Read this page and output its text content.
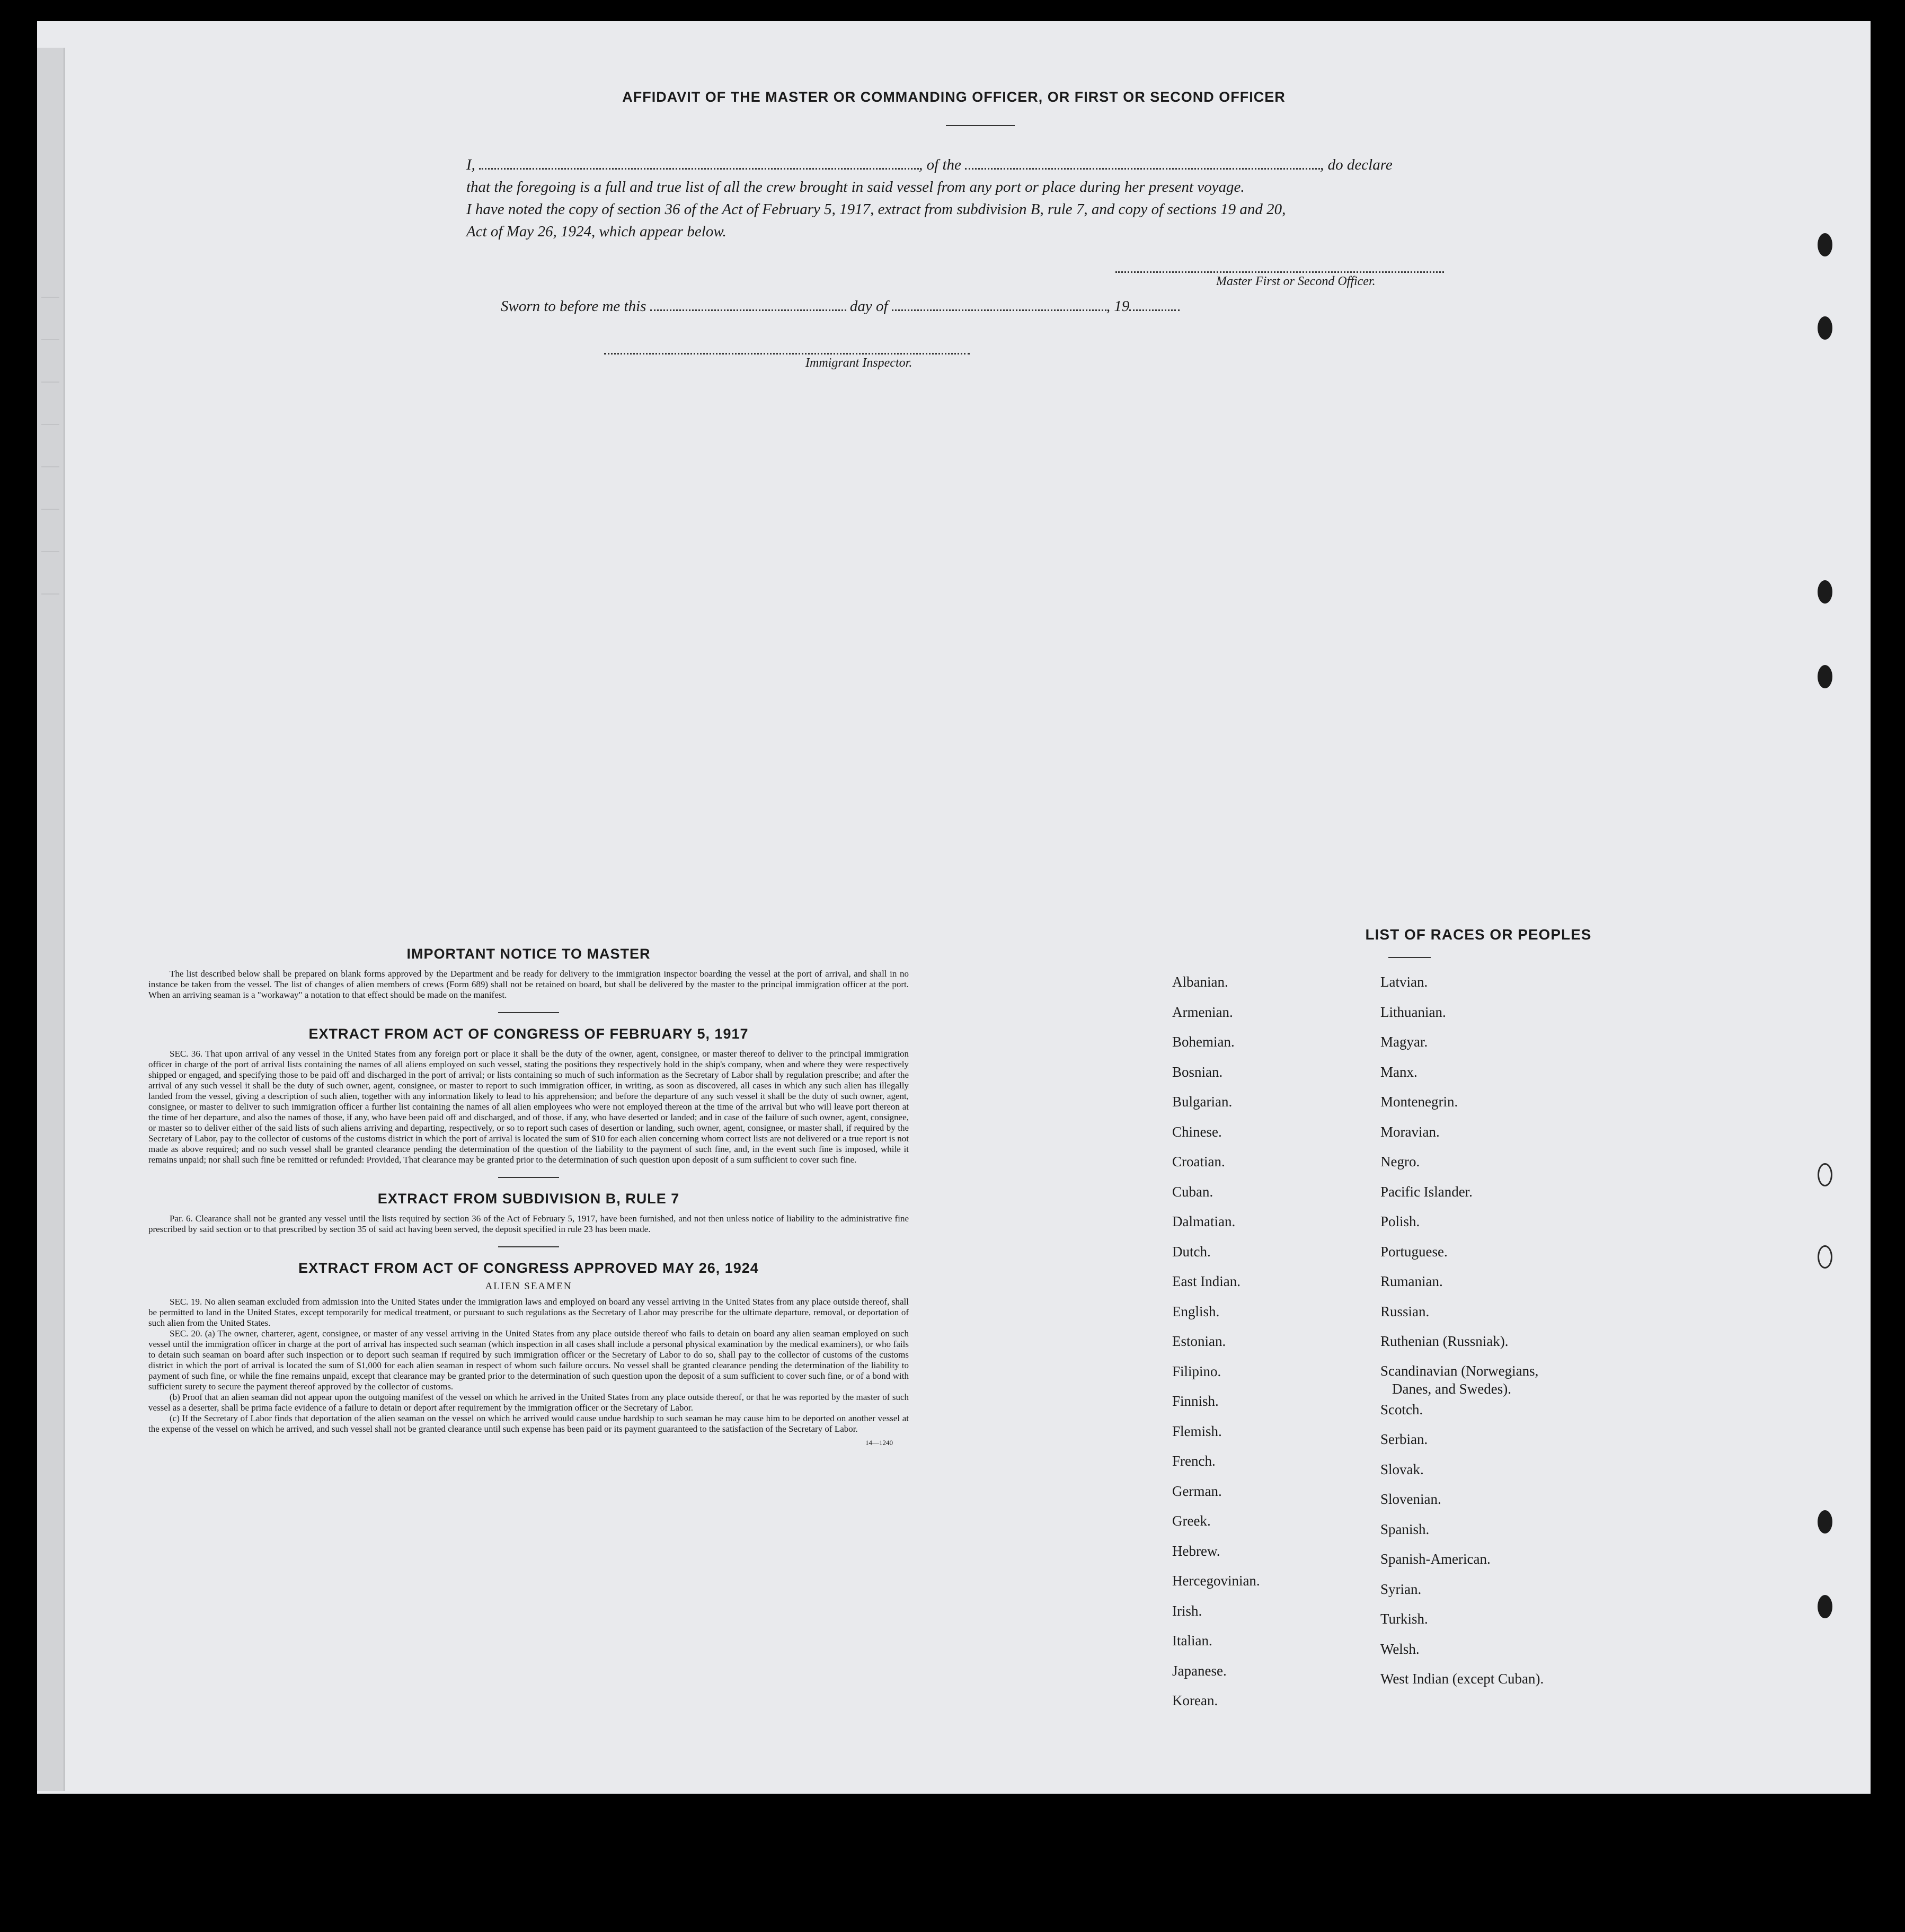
AFFIDAVIT OF THE MASTER OR COMMANDING OFFICER, OR FIRST OR SECOND OFFICER
I,	, of the	, do declare
that the foregoing is a full and true list of all the crew brought in said vessel from any port or place during her present voyage.
I have noted the copy of section 36 of the Act of February 5, 1917, extract from subdivision B, rule 7, and copy of sections 19 and 20,
Act of May 26, 1924, which appear below.
Master First or Second Officer.
Sworn to before me this	day of	, 19
Immigrant Inspector.
IMPORTANT NOTICE TO MASTER

The list described below shall be prepared on blank forms approved by the Department and be ready for delivery to the immigration inspector boarding the vessel at the port of arrival, and shall in no instance be taken from the vessel. The list of changes of alien members of crews (Form 689) shall not be retained on board, but shall be delivered by the master to the principal immigration officer at the port. When an arriving seaman is a "workaway" a notation to that effect should be made on the manifest.

EXTRACT FROM ACT OF CONGRESS OF FEBRUARY 5, 1917

SEC. 36. That upon arrival of any vessel in the United States from any foreign port or place it shall be the duty of the owner, agent, consignee, or master thereof to deliver to the principal immigration officer in charge of the port of arrival lists containing the names of all aliens employed on such vessel, stating the positions they respectively hold in the ship's company, when and where they were respectively shipped or engaged, and specifying those to be paid off and discharged in the port of arrival; or lists containing so much of such information as the Secretary of Labor shall by regulation prescribe; and after the arrival of any such vessel it shall be the duty of such owner, agent, consignee, or master to report to such immigration officer, in writing, as soon as discovered, all cases in which any such alien has illegally landed from the vessel, giving a description of such alien, together with any information likely to lead to his apprehension; and before the departure of any such vessel it shall be the duty of such owner, agent, consignee, or master to deliver to such immigration officer a further list containing the names of all alien employees who were not employed thereon at the time of the arrival but who will leave port thereon at the time of her departure, and also the names of those, if any, who have been paid off and discharged, and of those, if any, who have deserted or landed; and in case of the failure of such owner, agent, consignee, or master so to deliver either of the said lists of such aliens arriving and departing, respectively, or so to report such cases of desertion or landing, such owner, agent, consignee, or master shall, if required by the Secretary of Labor, pay to the collector of customs of the customs district in which the port of arrival is located the sum of $10 for each alien concerning whom correct lists are not delivered or a true report is not made as above required; and no such vessel shall be granted clearance pending the determination of the question of the liability to the payment of such fine, and, in the event such fine is imposed, while it remains unpaid; nor shall such fine be remitted or refunded: Provided, That clearance may be granted prior to the determination of such question upon deposit of a sum sufficient to cover such fine.

EXTRACT FROM SUBDIVISION B, RULE 7

Par. 6. Clearance shall not be granted any vessel until the lists required by section 36 of the Act of February 5, 1917, have been furnished, and not then unless notice of liability to the administrative fine prescribed by said section or to that prescribed by section 35 of said act having been served, the deposit specified in rule 23 has been made.

EXTRACT FROM ACT OF CONGRESS APPROVED MAY 26, 1924
ALIEN SEAMEN

SEC. 19. No alien seaman excluded from admission into the United States under the immigration laws and employed on board any vessel arriving in the United States from any place outside thereof, shall be permitted to land in the United States, except temporarily for medical treatment, or pursuant to such regulations as the Secretary of Labor may prescribe for the ultimate departure, removal, or deportation of such alien from the United States.

SEC. 20. (a) The owner, charterer, agent, consignee, or master of any vessel arriving in the United States from any place outside thereof who fails to detain on board any alien seaman employed on such vessel until the immigration officer in charge at the port of arrival has inspected such seaman (which inspection in all cases shall include a personal physical examination by the medical examiners), or who fails to detain such seaman on board after such inspection or to deport such seaman if required by such immigration officer or the Secretary of Labor to do so, shall pay to the collector of customs of the customs district in which the port of arrival is located the sum of $1,000 for each alien seaman in respect of whom such failure occurs. No vessel shall be granted clearance pending the determination of the liability to payment of such fine, or while the fine remains unpaid, except that clearance may be granted prior to the determination of such question upon the deposit of a sum sufficient to cover such fine, or of a bond with sufficient surety to secure the payment thereof approved by the collector of customs.

(b) Proof that an alien seaman did not appear upon the outgoing manifest of the vessel on which he arrived in the United States from any place outside thereof, or that he was reported by the master of such vessel as a deserter, shall be prima facie evidence of a failure to detain or deport after requirement by the immigration officer or the Secretary of Labor.

(c) If the Secretary of Labor finds that deportation of the alien seaman on the vessel on which he arrived would cause undue hardship to such seaman he may cause him to be deported on another vessel at the expense of the vessel on which he arrived, and such vessel shall not be granted clearance until such expense has been paid or its payment guaranteed to the satisfaction of the Secretary of Labor.

14—1240
LIST OF RACES OR PEOPLES
Albanian.
Armenian.
Bohemian.
Bosnian.
Bulgarian.
Chinese.
Croatian.
Cuban.
Dalmatian.
Dutch.
East Indian.
English.
Estonian.
Filipino.
Finnish.
Flemish.
French.
German.
Greek.
Hebrew.
Hercegovinian.
Irish.
Italian.
Japanese.
Korean.
Latvian.
Lithuanian.
Magyar.
Manx.
Montenegrin.
Moravian.
Negro.
Pacific Islander.
Polish.
Portuguese.
Rumanian.
Russian.
Ruthenian (Russniak).
Scandinavian (Norwegians,
Danes, and Swedes).
Scotch.
Serbian.
Slovak.
Slovenian.
Spanish.
Spanish-American.
Syrian.
Turkish.
Welsh.
West Indian (except Cuban).
